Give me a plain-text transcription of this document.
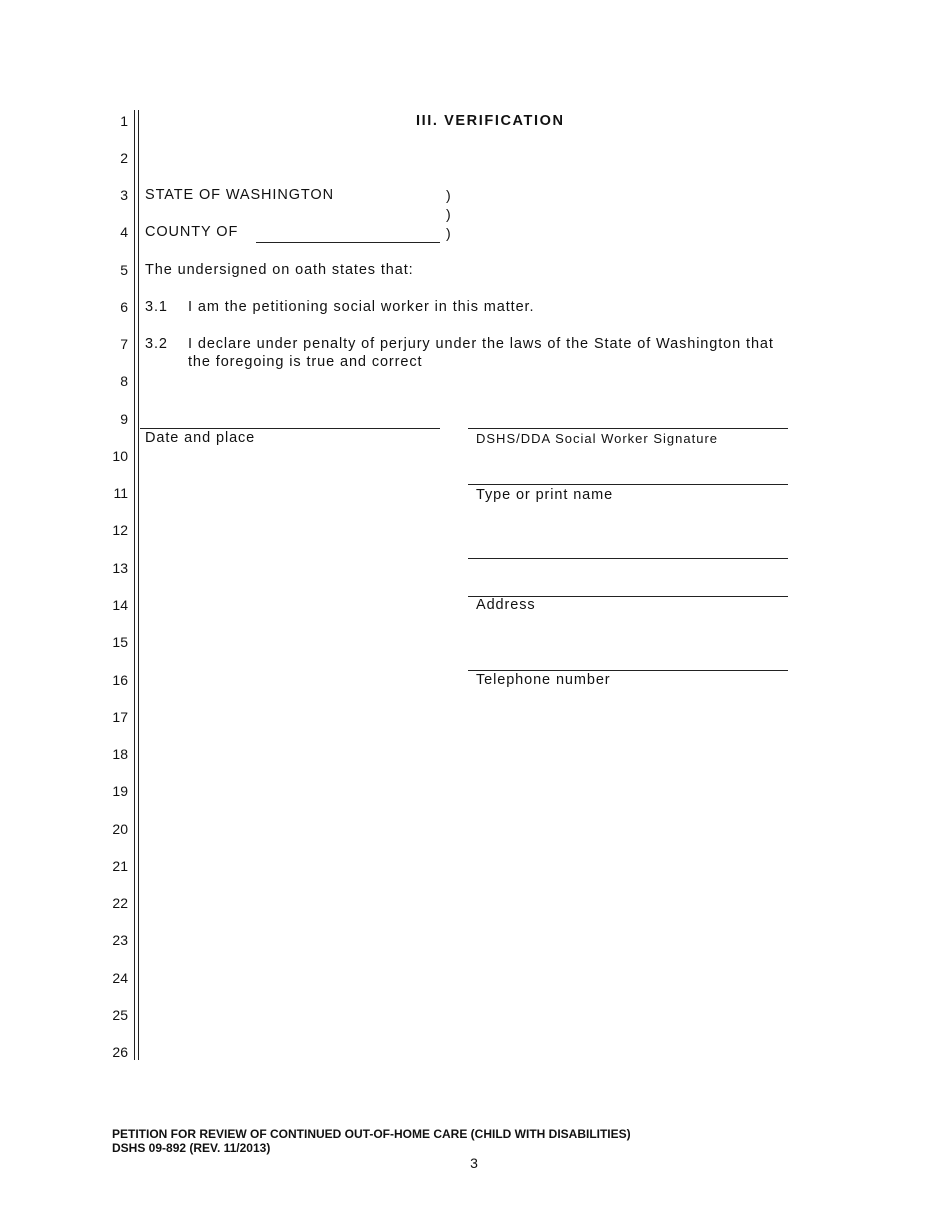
1
2
3
4
5
6
7
8
9
10
11
12
13
14
15
16
17
18
19
20
21
22
23
24
25
26
III. VERIFICATION
STATE OF WASHINGTON	)
)
)
COUNTY OF
The undersigned on oath states that:
3.1 I am the petitioning social worker in this matter.
3.2 I declare under penalty of perjury under the laws of the State of Washington that
the foregoing is true and correct
Date and place	DSHS/DDA Social Worker Signature
Type or print name
Address
Telephone number
PETITION FOR REVIEW OF CONTINUED OUT-OF-HOME CARE (CHILD WITH DISABILITIES)
DSHS 09-892 (REV. 11/2013)
3
